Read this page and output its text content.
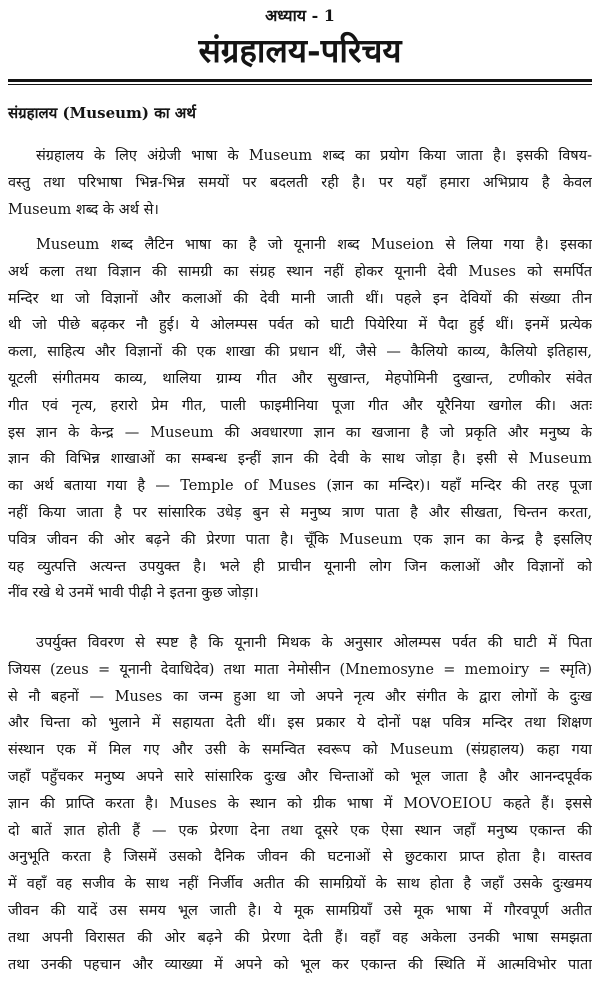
अध्याय - 1
संग्रहालय-परिचय
संग्रहालय (Museum) का अर्थ
संग्रहालय के लिए अंग्रेजी भाषा के Museum शब्द का प्रयोग किया जाता है। इसकी विषय-
वस्तु तथा परिभाषा भिन्न-भिन्न समयों पर बदलती रही है। पर यहाँ हमारा अभिप्राय है केवल
Museum शब्द के अर्थ से।
Museum शब्द लैटिन भाषा का है जो यूनानी शब्द Museion से लिया गया है। इसका
अर्थ कला तथा विज्ञान की सामग्री का संग्रह स्थान नहीं होकर यूनानी देवी Muses को समर्पित
मन्दिर था जो विज्ञानों और कलाओं की देवी मानी जाती थीं। पहले इन देवियों की संख्या तीन
थी जो पीछे बढ़कर नौ हुई। ये ओलम्पस पर्वत को घाटी पियेरिया में पैदा हुई थीं। इनमें प्रत्येक
कला, साहित्य और विज्ञानों की एक शाखा की प्रधान थीं, जैसे — कैलियो काव्य, कैलियो इतिहास,
यूटली संगीतमय काव्य, थालिया ग्राम्य गीत और सुखान्त, मेहपोमिनी दुखान्त, टणीकोर संवेत
गीत एवं नृत्य, हरारो प्रेम गीत, पाली फाइमीनिया पूजा गीत और यूरैनिया खगोल की। अतः
इस ज्ञान के केन्द्र — Museum की अवधारणा ज्ञान का खजाना है जो प्रकृति और मनुष्य के
ज्ञान की विभिन्न शाखाओं का सम्बन्ध इन्हीं ज्ञान की देवी के साथ जोड़ा है। इसी से Museum
का अर्थ बताया गया है — Temple of Muses (ज्ञान का मन्दिर)। यहाँ मन्दिर की तरह पूजा
नहीं किया जाता है पर सांसारिक उधेड़ बुन से मनुष्य त्राण पाता है और सीखता, चिन्तन करता,
पवित्र जीवन की ओर बढ़ने की प्रेरणा पाता है। चूँकि Museum एक ज्ञान का केन्द्र है इसलिए
यह व्युत्पत्ति अत्यन्त उपयुक्त है। भले ही प्राचीन यूनानी लोग जिन कलाओं और विज्ञानों को
नींव रखे थे उनमें भावी पीढ़ी ने इतना कुछ जोड़ा।
उपर्युक्त विवरण से स्पष्ट है कि यूनानी मिथक के अनुसार ओलम्पस पर्वत की घाटी में पिता
जियस (zeus = यूनानी देवाधिदेव) तथा माता नेमोसीन (Mnemosyne = memoiry = स्मृति)
से नौ बहनों — Muses का जन्म हुआ था जो अपने नृत्य और संगीत के द्वारा लोगों के दुःख
और चिन्ता को भुलाने में सहायता देती थीं। इस प्रकार ये दोनों पक्ष पवित्र मन्दिर तथा शिक्षण
संस्थान एक में मिल गए और उसी के समन्वित स्वरूप को Museum (संग्रहालय) कहा गया
जहाँ पहुँचकर मनुष्य अपने सारे सांसारिक दुःख और चिन्ताओं को भूल जाता है और आनन्दपूर्वक
ज्ञान की प्राप्ति करता है। Muses के स्थान को ग्रीक भाषा में MOVOEIOU कहते हैं। इससे
दो बातें ज्ञात होती हैं — एक प्रेरणा देना तथा दूसरे एक ऐसा स्थान जहाँ मनुष्य एकान्त की
अनुभूति करता है जिसमें उसको दैनिक जीवन की घटनाओं से छुटकारा प्राप्त होता है। वास्तव
में वहाँ वह सजीव के साथ नहीं निर्जीव अतीत की सामग्रियों के साथ होता है जहाँ उसके दुःखमय
जीवन की यादें उस समय भूल जाती है। ये मूक सामग्रियाँ उसे मूक भाषा में गौरवपूर्ण अतीत
तथा अपनी विरासत की ओर बढ़ने की प्रेरणा देती हैं। वहाँ वह अकेला उनकी भाषा समझता
तथा उनकी पहचान और व्याख्या में अपने को भूल कर एकान्त की स्थिति में आत्मविभोर पाता
